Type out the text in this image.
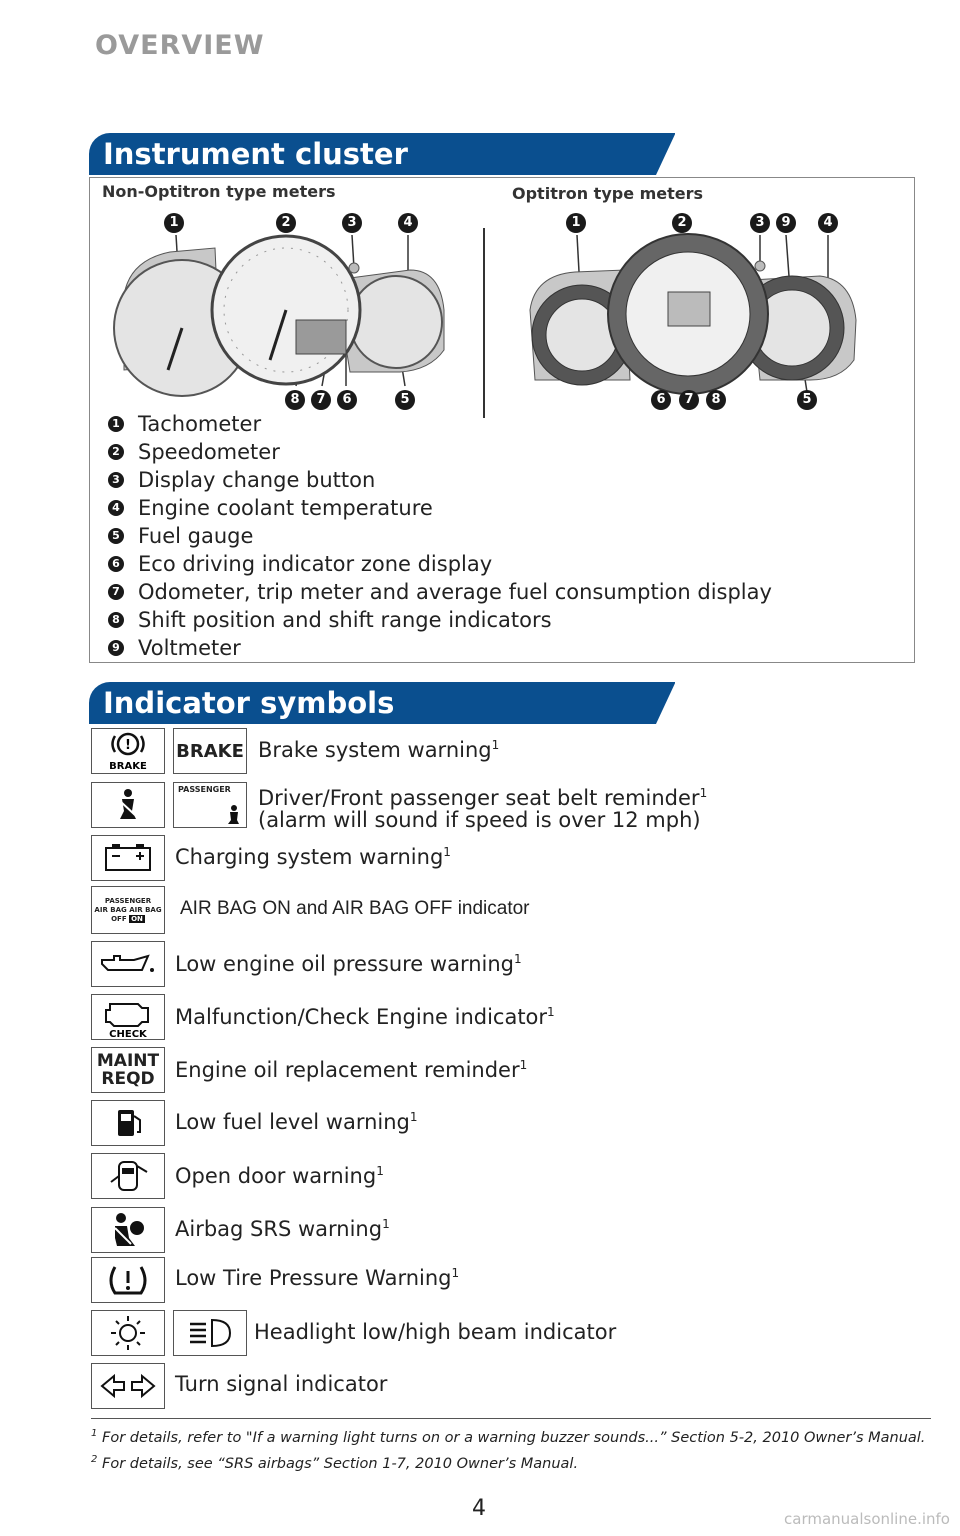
OVERVIEW
Instrument cluster
Non-Optitron type meters	Optitron type meters
1	2	3	4
8	7	6	5
1	2	3	9	4
6	7	8	5
1 Tachometer
2 Speedometer
3 Display change button
4 Engine coolant temperature
5 Fuel gauge
6 Eco driving indicator zone display
7 Odometer, trip meter and average fuel consumption display
8 Shift position and shift range indicators
9 Voltmeter
Indicator symbols
!
BRAKE
BRAKE Brake system warning$^1$
PASSENGER Driver/Front passenger seat belt reminder$^1$
(alarm will sound if speed is over 12 mph)
Charging system warning$^1$
PASSENGER
AIR BAG AIR BAG
OFF ON AIR BAG ON and AIR BAG OFF indicator
Low engine oil pressure warning$^1$
CHECK
Malfunction/Check Engine indicator$^1$
MAINT
REQD Engine oil replacement reminder$^1$
Low fuel level warning$^1$
Open door warning$^1$
Airbag SRS warning$^1$
Low Tire Pressure Warning$^1$
Headlight low/high beam indicator
Turn signal indicator
$^1$ For details, refer to "If a warning light turns on or a warning buzzer sounds...” Section 5-2, 2010 Owner’s Manual.
$^2$ For details, see “SRS airbags” Section 1-7, 2010 Owner’s Manual.
4	carmanualsonline.info
